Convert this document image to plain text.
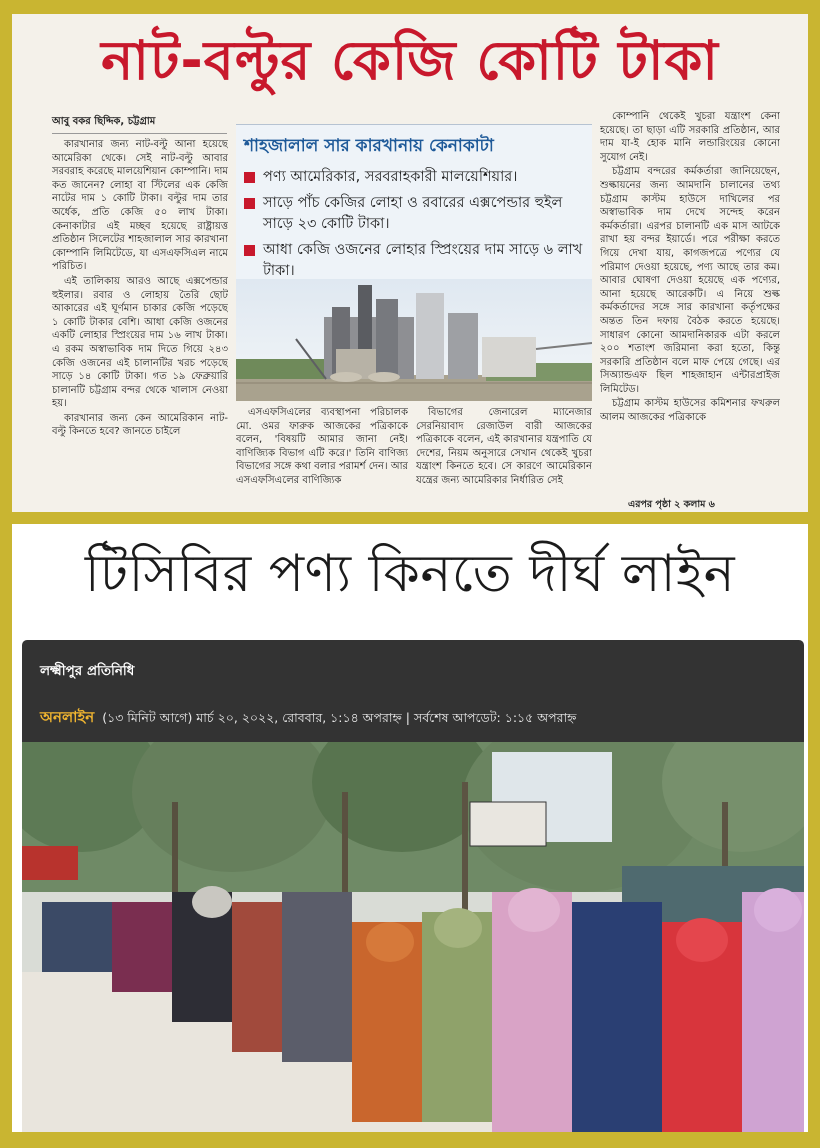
নাট-বল্টুর কেজি কোটি টাকা
আবু বকর ছিদ্দিক, চট্টগ্রাম

কারখানার জন্য নাট-বল্টু আনা হয়েছে আমেরিকা থেকে। সেই নাট-বল্টু আবার সরবরাহ করেছে মালয়েশিয়ান কোম্পানি। দাম কত জানেন? লোহা বা স্টিলের এক কেজি নাটের দাম ১ কোটি টাকা। বল্টুর দাম তার অর্ধেক, প্রতি কেজি ৫০ লাখ টাকা। কেনাকাটার এই মচ্ছব হয়েছে রাষ্ট্রায়ত্ত প্রতিষ্ঠান সিলেটের শাহজালাল সার কারখানা কোম্পানি লিমিটেডে, যা এসএফসিএল নামে পরিচিত।

এই তালিকায় আরও আছে এক্সপেন্ডার হুইলার। রবার ও লোহায় তৈরি ছোট আকারের এই ঘূর্ণমান চাকার কেজি পড়েছে ১ কোটি টাকার বেশি। আধা কেজি ওজনের একটি লোহার স্প্রিংয়ের দাম ১৬ লাখ টাকা। এ রকম অস্বাভাবিক দাম দিতে গিয়ে ২৪৩ কেজি ওজনের এই চালানটির খরচ পড়েছে সাড়ে ১৪ কোটি টাকা। গত ১৯ ফেব্রুয়ারি চালানটি চট্টগ্রাম বন্দর থেকে খালাস নেওয়া হয়।

কারখানার জন্য কেন আমেরিকান নাট-বল্টু কিনতে হবে? জানতে চাইলে

শাহজালাল সার কারখানায় কেনাকাটা
পণ্য আমেরিকার, সরবরাহকারী মালয়েশিয়ার।
সাড়ে পাঁচ কেজির লোহা ও রবারের এক্সপেন্ডার হুইল সাড়ে ২৩ কোটি টাকা।
আধা কেজি ওজনের লোহার স্প্রিংয়ের দাম সাড়ে ৬ লাখ টাকা।

এসএফসিএলের ব্যবস্থাপনা পরিচালক মো. ওমর ফারুক আজকের পত্রিকাকে বলেন, 'বিষয়টি আমার জানা নেই। বাণিজ্যিক বিভাগ এটি করে।' তিনি বাণিজ্য বিভাগের সঙ্গে কথা বলার পরামর্শ দেন। আর এসএফসিএলের বাণিজ্যিক

বিভাগের জেনারেল ম্যানেজার সেরনিয়াবাদ রেজাউল বারী আজকের পত্রিকাকে বলেন, এই কারখানার যন্ত্রপাতি যে দেশের, নিয়ম অনুসারে সেখান থেকেই খুচরা যন্ত্রাংশ কিনতে হবে। সে কারণে আমেরিকান যন্ত্রের জন্য আমেরিকার নির্ধারিত সেই

কোম্পানি থেকেই খুচরা যন্ত্রাংশ কেনা হয়েছে। তা ছাড়া এটি সরকারি প্রতিষ্ঠান, আর দাম যা-ই হোক মানি লন্ডারিংয়ের কোনো সুযোগ নেই।

চট্টগ্রাম বন্দরের কর্মকর্তারা জানিয়েছেন, শুল্কায়নের জন্য আমদানি চালানের তথ্য চট্টগ্রাম কাস্টম হাউসে দাখিলের পর অস্বাভাবিক দাম দেখে সন্দেহ করেন কর্মকর্তারা। এরপর চালানটি এক মাস আটকে রাখা হয় বন্দর ইয়ার্ডে। পরে পরীক্ষা করতে গিয়ে দেখা যায়, কাগজপত্রে পণ্যের যে পরিমাণ দেওয়া হয়েছে, পণ্য আছে তার কম। আবার ঘোষণা দেওয়া হয়েছে এক পণ্যের, আনা হয়েছে আরেকটি। এ নিয়ে শুল্ক কর্মকর্তাদের সঙ্গে সার কারখানা কর্তৃপক্ষের অন্তত তিন দফায় বৈঠক করতে হয়েছে। সাধারণ কোনো আমদানিকারক এটা করলে ২০০ শতাংশ জরিমানা করা হতো, কিন্তু সরকারি প্রতিষ্ঠান বলে মাফ পেয়ে গেছে। এর সিঅ্যান্ডএফ ছিল শাহজাহান এন্টারপ্রাইজ লিমিটেড।

চট্টগ্রাম কাস্টম হাউসের কমিশনার ফখরুল আলম আজকের পত্রিকাকে

এরপর পৃষ্ঠা ২ কলাম ৬
টিসিবির পণ্য কিনতে দীর্ঘ লাইন
লক্ষ্মীপুর প্রতিনিধি
অনলাইন (১৩ মিনিট আগে) মার্চ ২০, ২০২২, রোববার, ১:১৪ অপরাহ্ন | সর্বশেষ আপডেট: ১:১৫ অপরাহ্ন
